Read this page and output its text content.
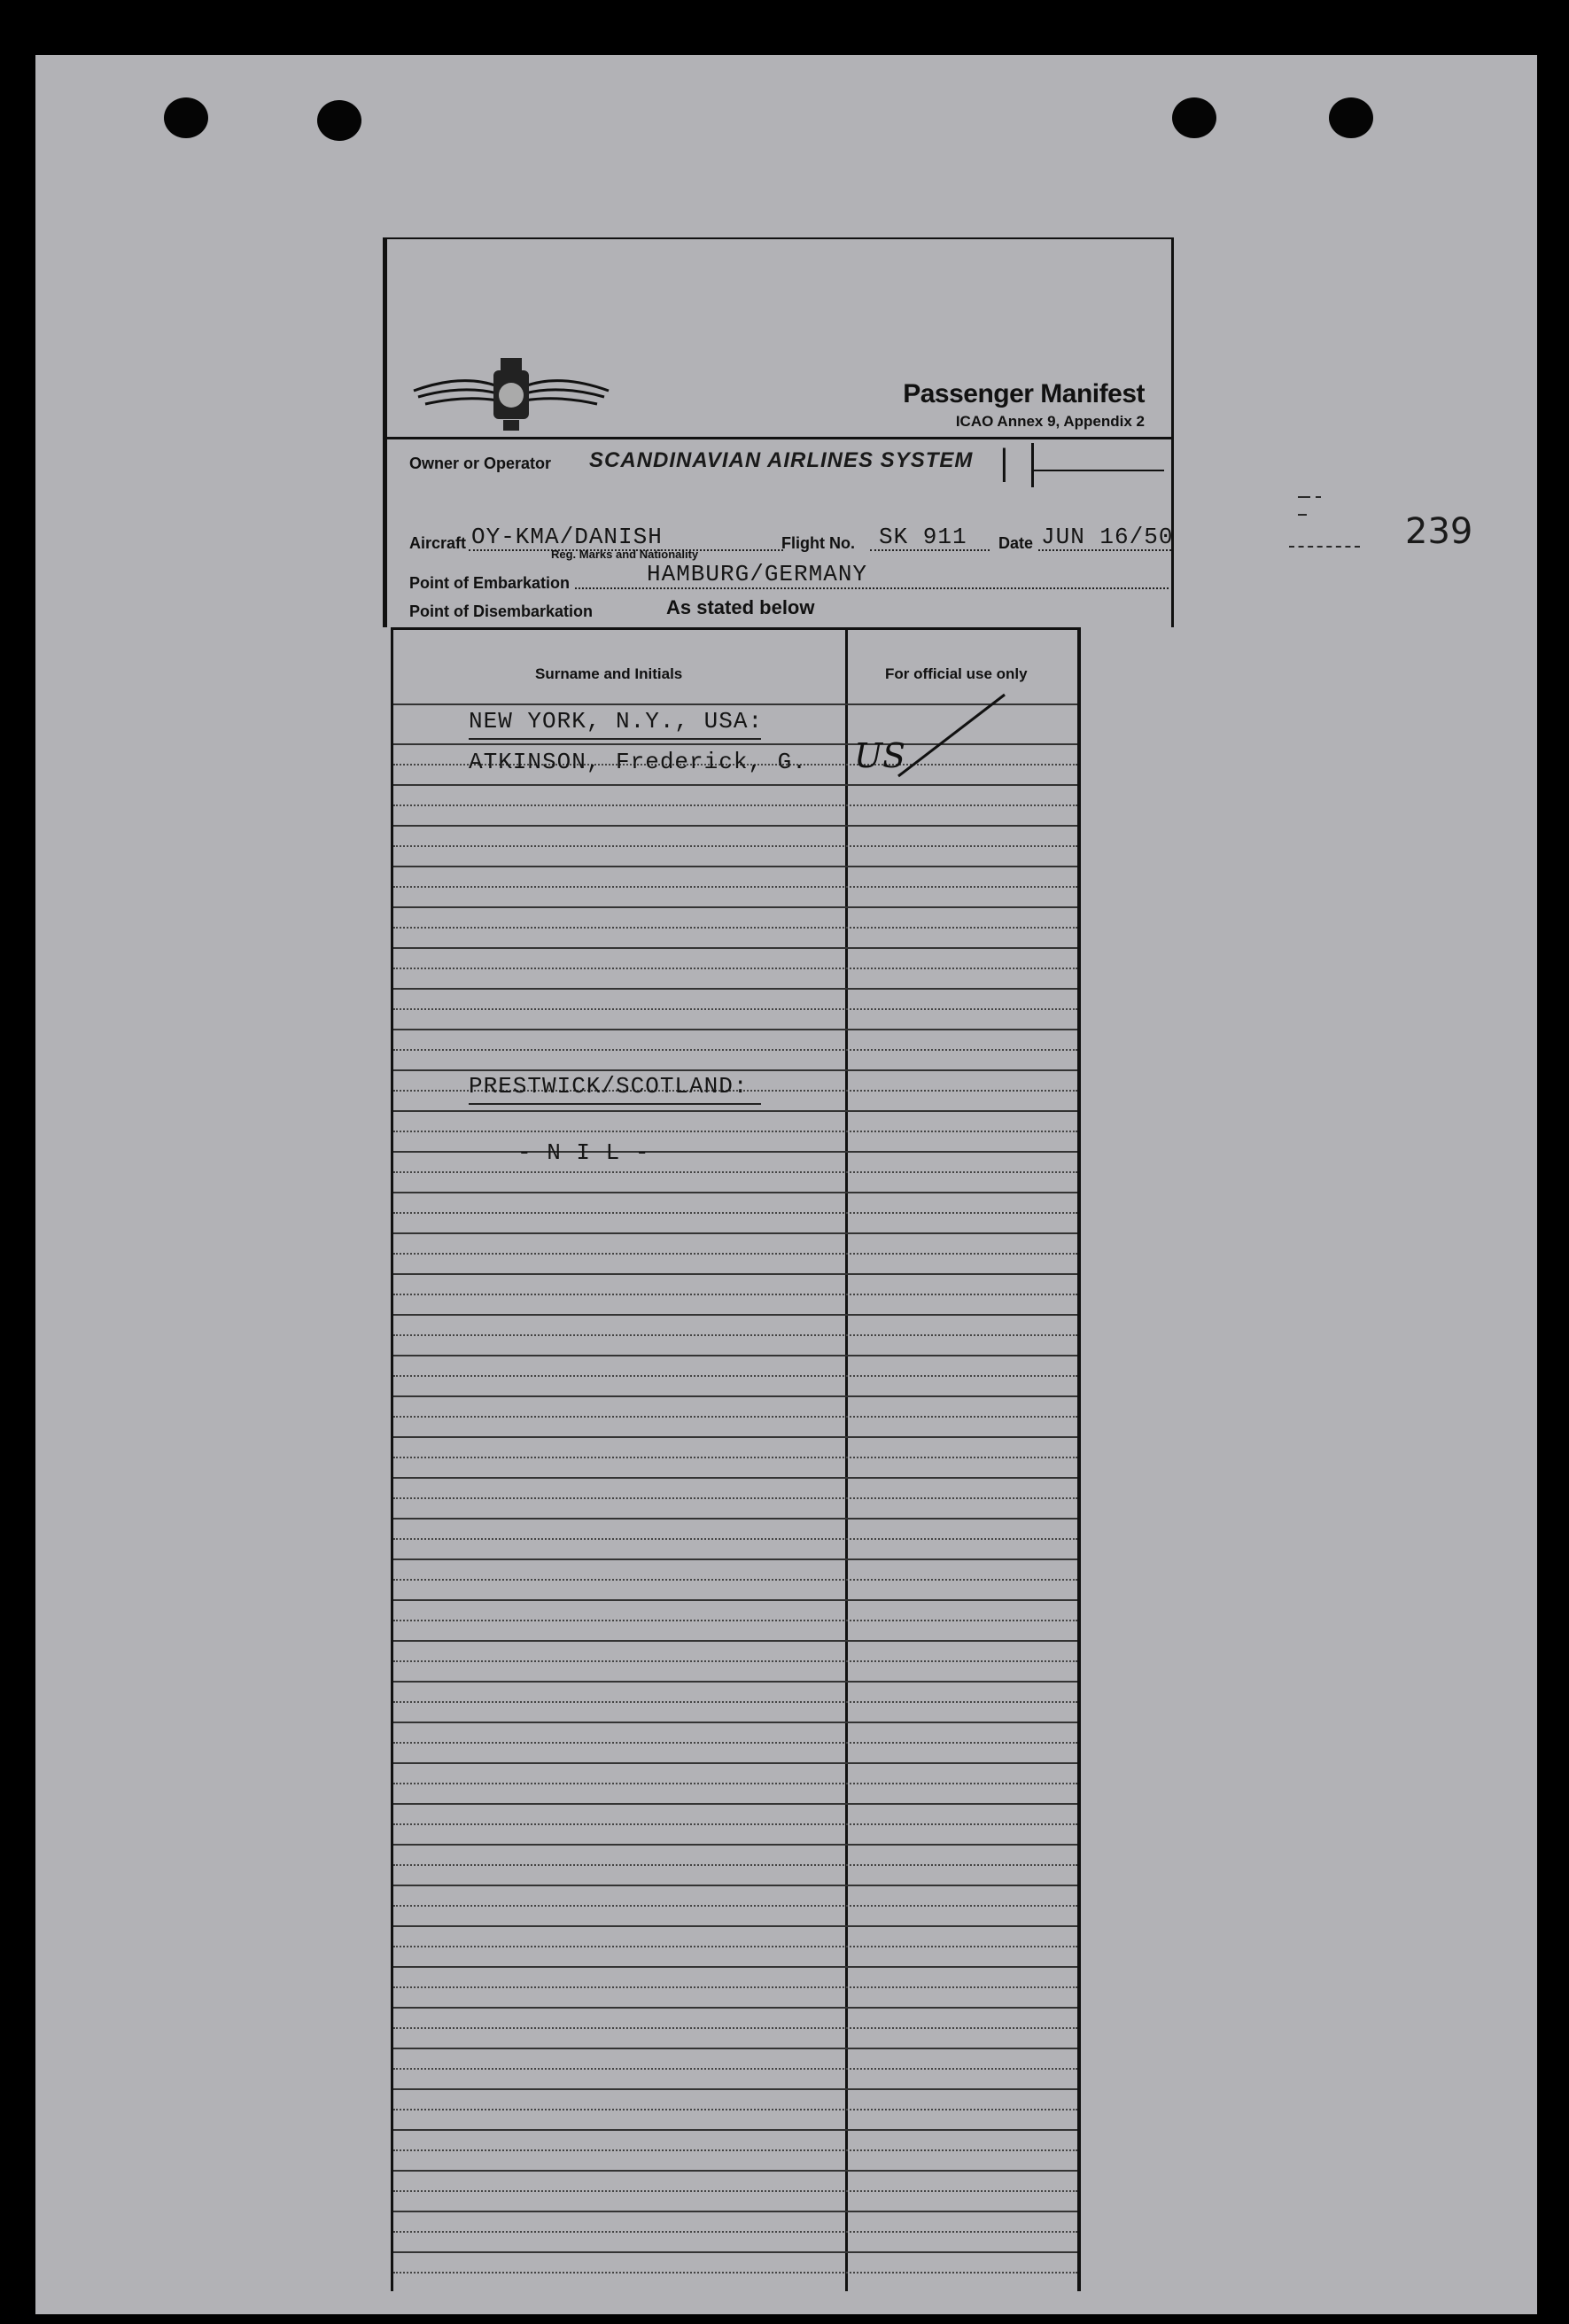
239
Passenger Manifest
ICAO Annex 9, Appendix 2
Owner or Operator SCANDINAVIAN AIRLINES SYSTEM |
Aircraft OY-KMA/DANISH
Reg. Marks and Nationality
Flight No. SK 911 Date JUN 16/50
Point of Embarkation	HAMBURG/GERMANY
Point of Disembarkation	As stated below
Surname and Initials	For official use only
NEW YORK, N.Y., USA:
ATKINSON, Frederick, G. US
PRESTWICK/SCOTLAND:
- N I L -
